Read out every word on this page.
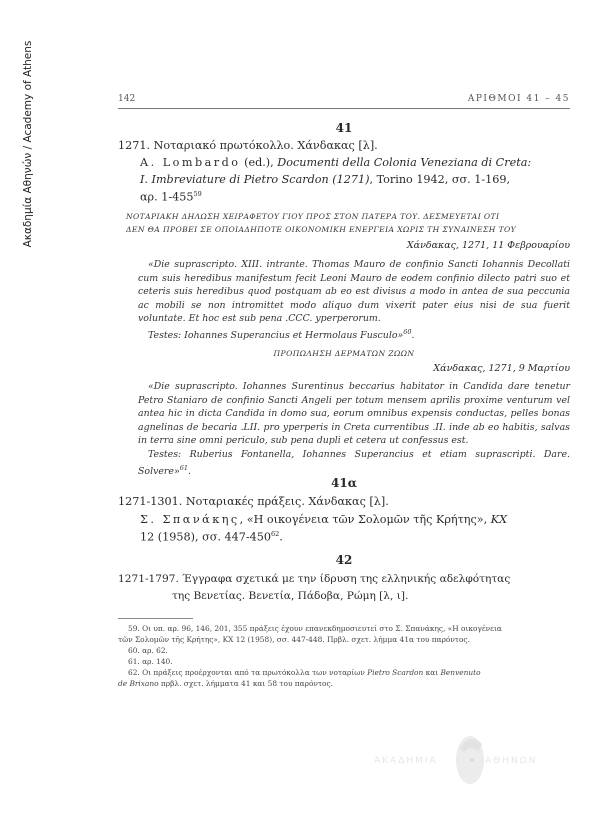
Ακαδημία Αθηνών / Academy of Athens	142	ΑΡΙΘΜΟΙ 41 – 45
41
1271. Νοταριακό πρωτόκολλο. Χάνδακας [λ].
A. Lombardo (ed.), Documenti della Colonia Veneziana di Creta:
I. Imbreviature di Pietro Scardon (1271), Torino 1942, σσ. 1-169,
αρ. $1-455^{59}$
ΝΟΤΑΡΙΑΚΗ ΔΗΛΩΣΗ ΧΕΙΡΑΦΕΤΟΥ ΓΙΟΥ ΠΡΟΣ ΣΤΟΝ ΠΑΤΕΡΑ ΤΟΥ. ΔΕΣΜΕΥΕΤΑΙ ΟΤΙ
ΔΕΝ ΘΑ ΠΡΟΒΕΙ ΣΕ ΟΠΟΙΑΔΗΠΟΤΕ ΟΙΚΟΝΟΜΙΚΗ ΕΝΕΡΓΕΙΑ ΧΩΡΙΣ ΤΗ ΣΥΝΑΙΝΕΣΗ ΤΟΥ
Χάνδακας, 1271, 11 Φεβρουαρίου

«Die suprascripto. XIII. intrante. Thomas Mauro de confinio Sancti Iohannis Decollati cum suis heredibus manifestum fecit Leoni Mauro de eodem confinio dilecto patri suo et ceteris suis heredibus quod postquam ab eo est divisus a modo in antea de sua peccunia ac mobili se non intromittet modo aliquo dum vixerit pater eius nisi de sua fuerit voluntate. Et hoc est sub pena .CCC. yperperorum.

Testes: Iohannes Superancius et Hermolaus Fusculo»$^{60}$.

ΠΡΟΠΩΛΗΣΗ ΔΕΡΜΑΤΩΝ ΖΩΩΝ
Χάνδακας, 1271, 9 Μαρτίου

«Die suprascripto. Iohannes Surentinus beccarius habitator in Candida dare tenetur Petro Staniaro de confinio Sancti Angeli per totum mensem aprilis proxime venturum vel antea hic in dicta Candida in domo sua, eorum omnibus expensis conductas, pelles bonas agnelinas de becaria .LII. pro yperperis in Creta currentibus .II. inde ab eo habitis, salvas in terra sine omni periculo, sub pena dupli et cetera ut confessus est.

Testes: Ruberius Fontanella, Iohannes Superancius et etiam suprascripti. Dare. Solvere»$^{61}$.

41α
1271-1301. Νοταριακές πράξεις. Χάνδακας [λ].
Σ. Σπανάκης, «Η οικογένεια τῶν Σολομῶν τῆς Κρήτης», ΚΧ
12 (1958), σσ. $447-450^{62}$.
42
1271-1797. Έγγραφα σχετικά με την ίδρυση της ελληνικής αδελφότητας
της Βενετίας. Βενετία, Πάδοβα, Ρώμη [λ, ι].

59. Οι υπ. αρ. 96, 146, 201, 355 πράξεις έχουν επανεκδημοσιευτεί στο Σ. Σπανάκης, «Η οικογένεια

τῶν Σολομῶν τῆς Κρήτης», ΚΧ 12 (1958), σσ. 447-448. Πρβλ. σχετ. λήμμα 41α του παρόντος.

60. αρ. 62.

61. αρ. 140.

62. Οι πράξεις προέρχονται από τα πρωτόκολλα των νοταρίων Pietro Scardon και Benvenuto

de Brixano πρβλ. σχετ. λήμματα 41 και 58 του παρόντος.

ΑΚΑΔΗΜΙΑ	ΑΘΗΝΩΝ
